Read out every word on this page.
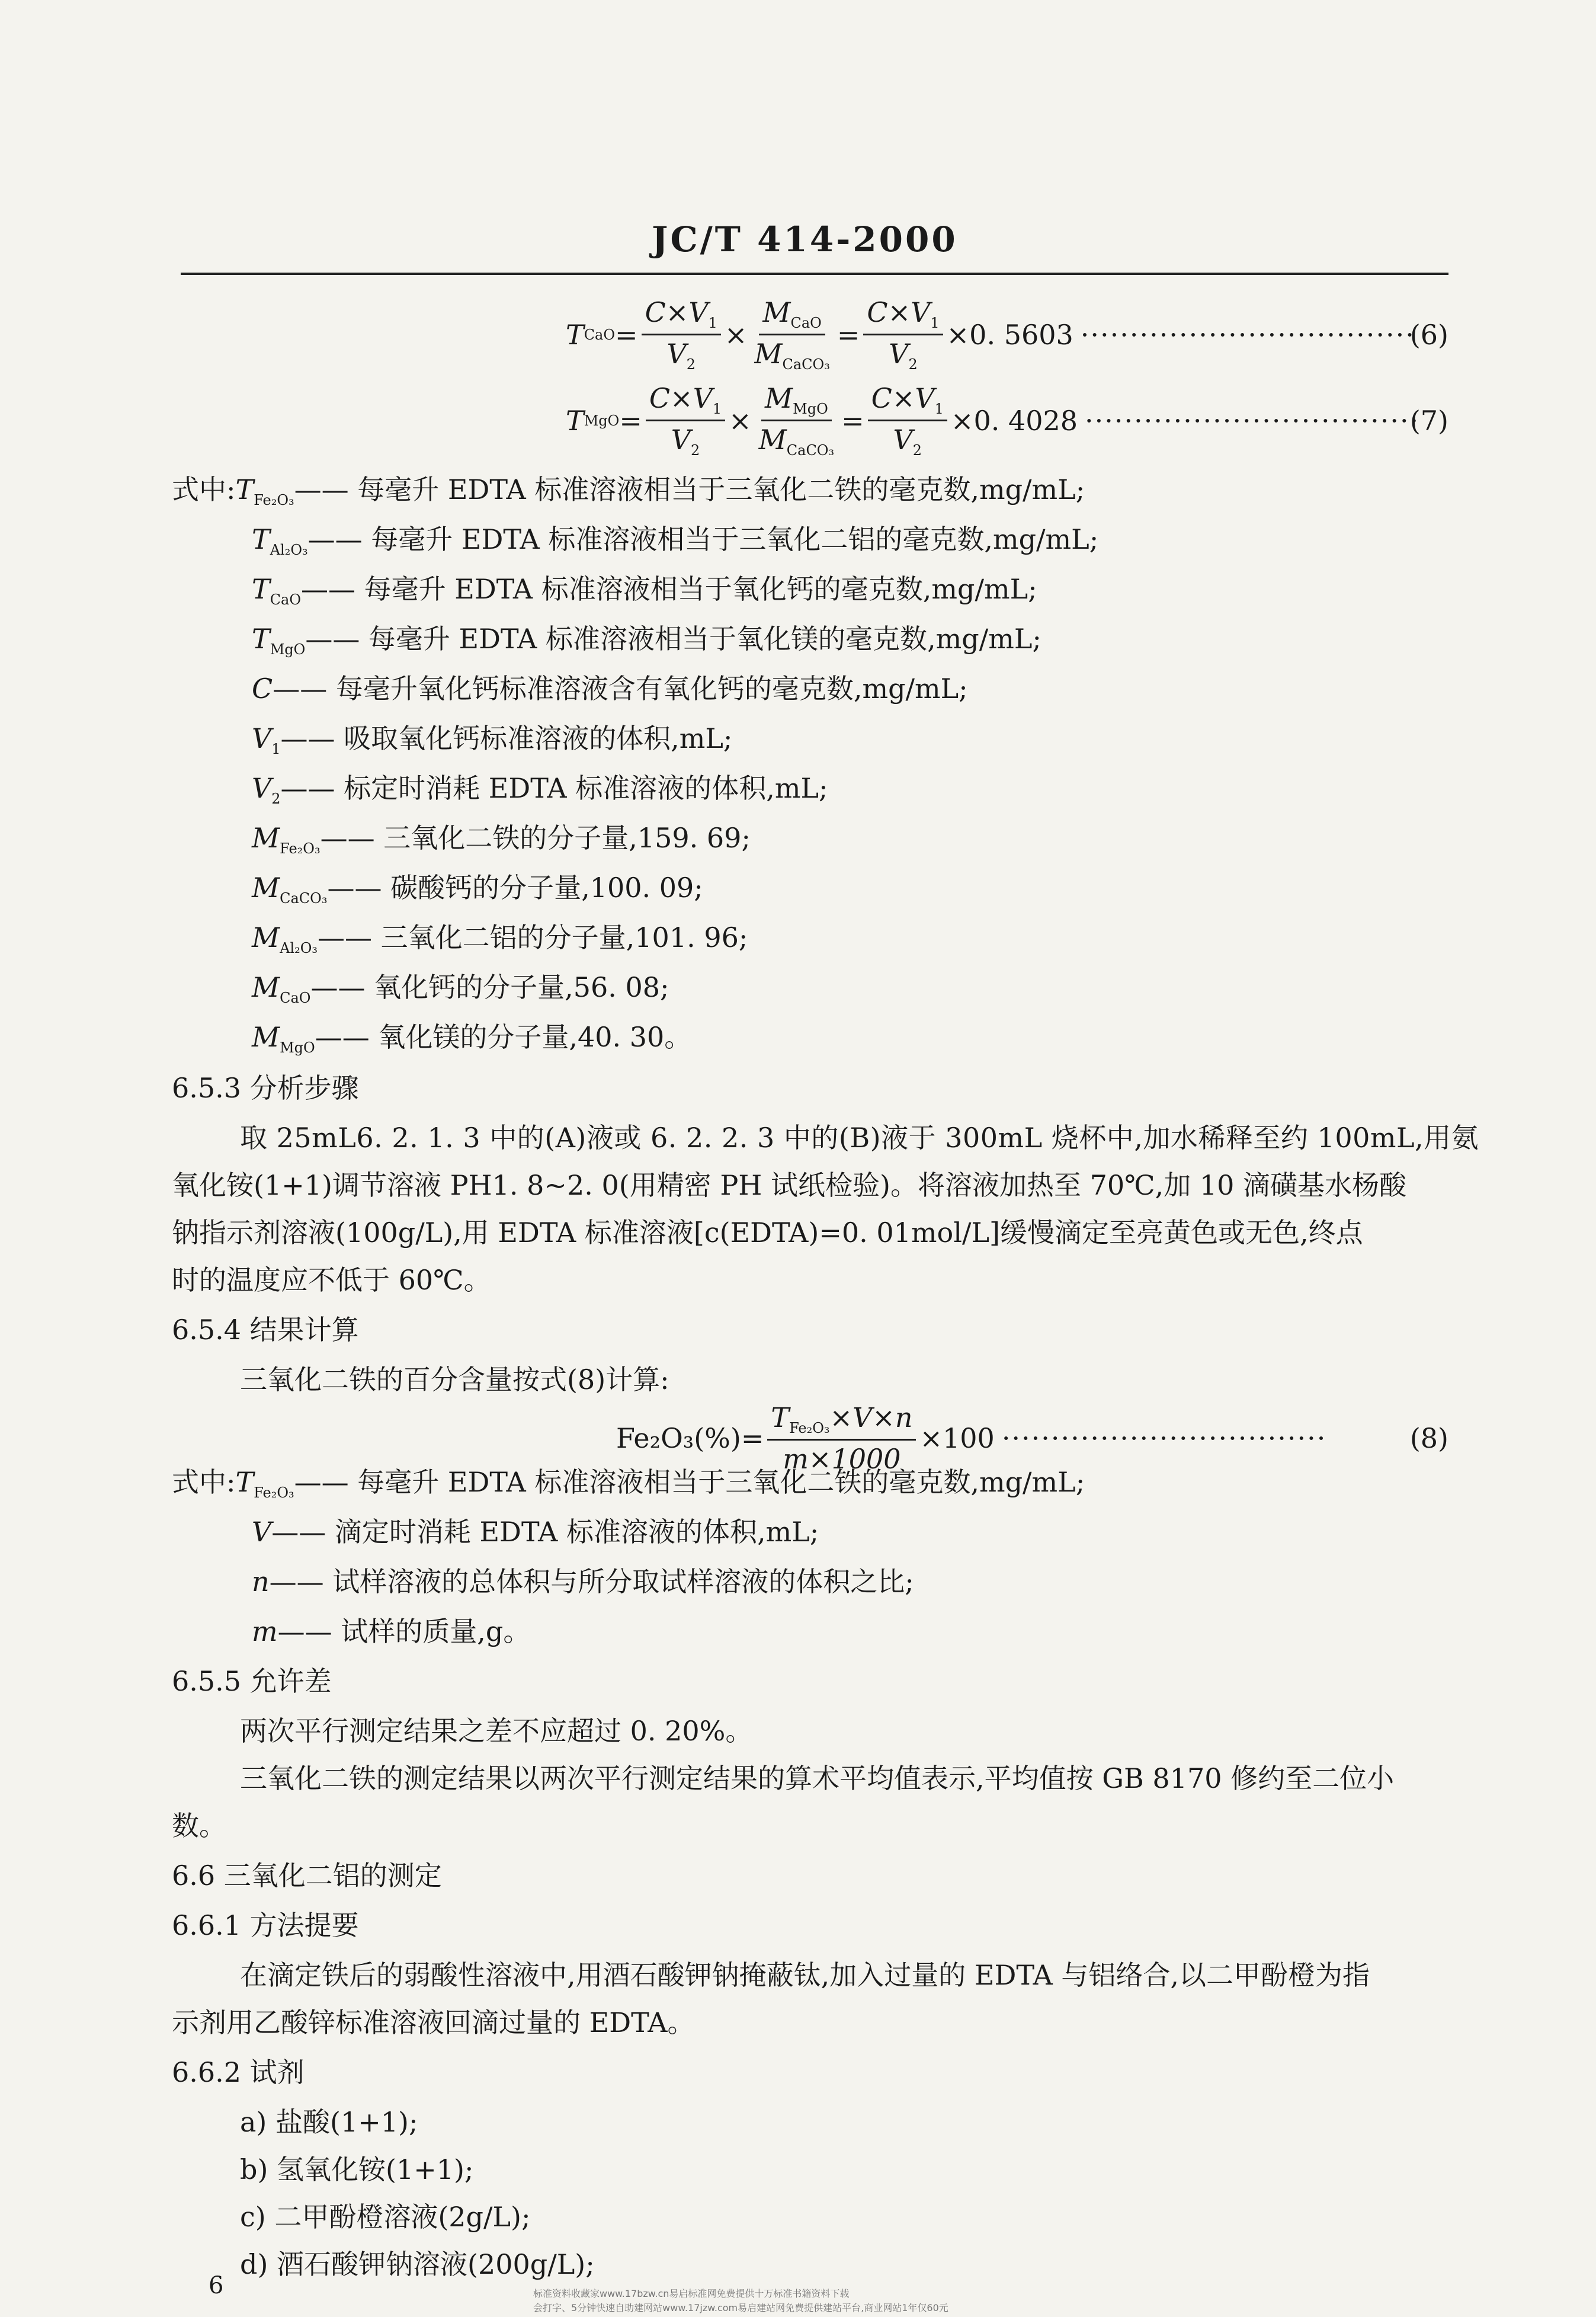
JC/T 414-2000
T CaO = $\frac{C\times V_1}{V_2} \times \frac{M_{CaO}}{M_{CaCO_3}} = \frac{C\times V_1}{V_2} \times 0$. 5603 ··································
(6)
T MgO = $\frac{C\times V_1}{V_2} \times \frac{M_{MgO}}{M_{CaCO_3}} = \frac{C\times V_1}{V_2} \times 0$. 4028 ··································
(7)
式中$:T_{Fe_2O_3}——$ 每毫升 EDTA 标准溶液相当于三氧化二铁的毫克数,mg/mL;
$T_{Al_2O_3}——$ 每毫升 EDTA 标准溶液相当于三氧化二铝的毫克数,mg/mL;
$T_{CaO}——$ 每毫升 EDTA 标准溶液相当于氧化钙的毫克数,mg/mL;
$T_{MgO}——$ 每毫升 EDTA 标准溶液相当于氧化镁的毫克数,mg/mL;
C—— 每毫升氧化钙标准溶液含有氧化钙的毫克数,mg/mL;
$V_1——$ 吸取氧化钙标准溶液的体积,mL;
$V_2——$ 标定时消耗 EDTA 标准溶液的体积,mL;
$M_{Fe_2O_3}——$ 三氧化二铁的分子量,159. 69;
$M_{CaCO_3}——$ 碳酸钙的分子量,100. 09;
$M_{Al_2O_3}——$ 三氧化二铝的分子量,101. 96;
$M_{CaO}——$ 氧化钙的分子量,56. 08;
$M_{MgO}——$ 氧化镁的分子量,40. 30。
6.5.3 分析步骤
取 25mL6. 2. 1. 3 中的(A)液或 6. 2. 2. 3 中的(B)液于 300mL 烧杯中,加水稀释至约 100mL,用氨
氧化铵(1+1)调节溶液 PH1. 8~2. 0(用精密 PH 试纸检验)。将溶液加热至 70℃,加 10 滴磺基水杨酸
钠指示剂溶液(100g/L),用 EDTA 标准溶液[c(EDTA)=0. 01mol/L]缓慢滴定至亮黄色或无色,终点
时的温度应不低于 60℃。
6.5.4 结果计算
三氧化二铁的百分含量按式(8)计算:
$Fe_2O_3(\%)= \frac{T_{Fe_2O_3}\times V\times n}{m\times 1000} \times 100$ ·································	(8)
式中$:T_{Fe_2O_3}——$ 每毫升 EDTA 标准溶液相当于三氧化二铁的毫克数,mg/mL;
V—— 滴定时消耗 EDTA 标准溶液的体积,mL;
n—— 试样溶液的总体积与所分取试样溶液的体积之比;
m—— 试样的质量,g。
6.5.5 允许差
两次平行测定结果之差不应超过 0. 20%。
三氧化二铁的测定结果以两次平行测定结果的算术平均值表示,平均值按 GB 8170 修约至二位小
数。
6.6 三氧化二铝的测定
6.6.1 方法提要
在滴定铁后的弱酸性溶液中,用酒石酸钾钠掩蔽钛,加入过量的 EDTA 与铝络合,以二甲酚橙为指
示剂用乙酸锌标准溶液回滴过量的 EDTA。
6.6.2 试剂
a) 盐酸(1+1);
b) 氢氧化铵(1+1);
c) 二甲酚橙溶液(2g/L);
d) 酒石酸钾钠溶液(200g/L);
标准资料收藏家www.17bzw.cn易启标准网免费提供十万标准书籍资料下载
会打字、5分钟快速自助建网站www.17jzw.com易启建站网免费提供建站平台,商业网站1年仅60元
6
